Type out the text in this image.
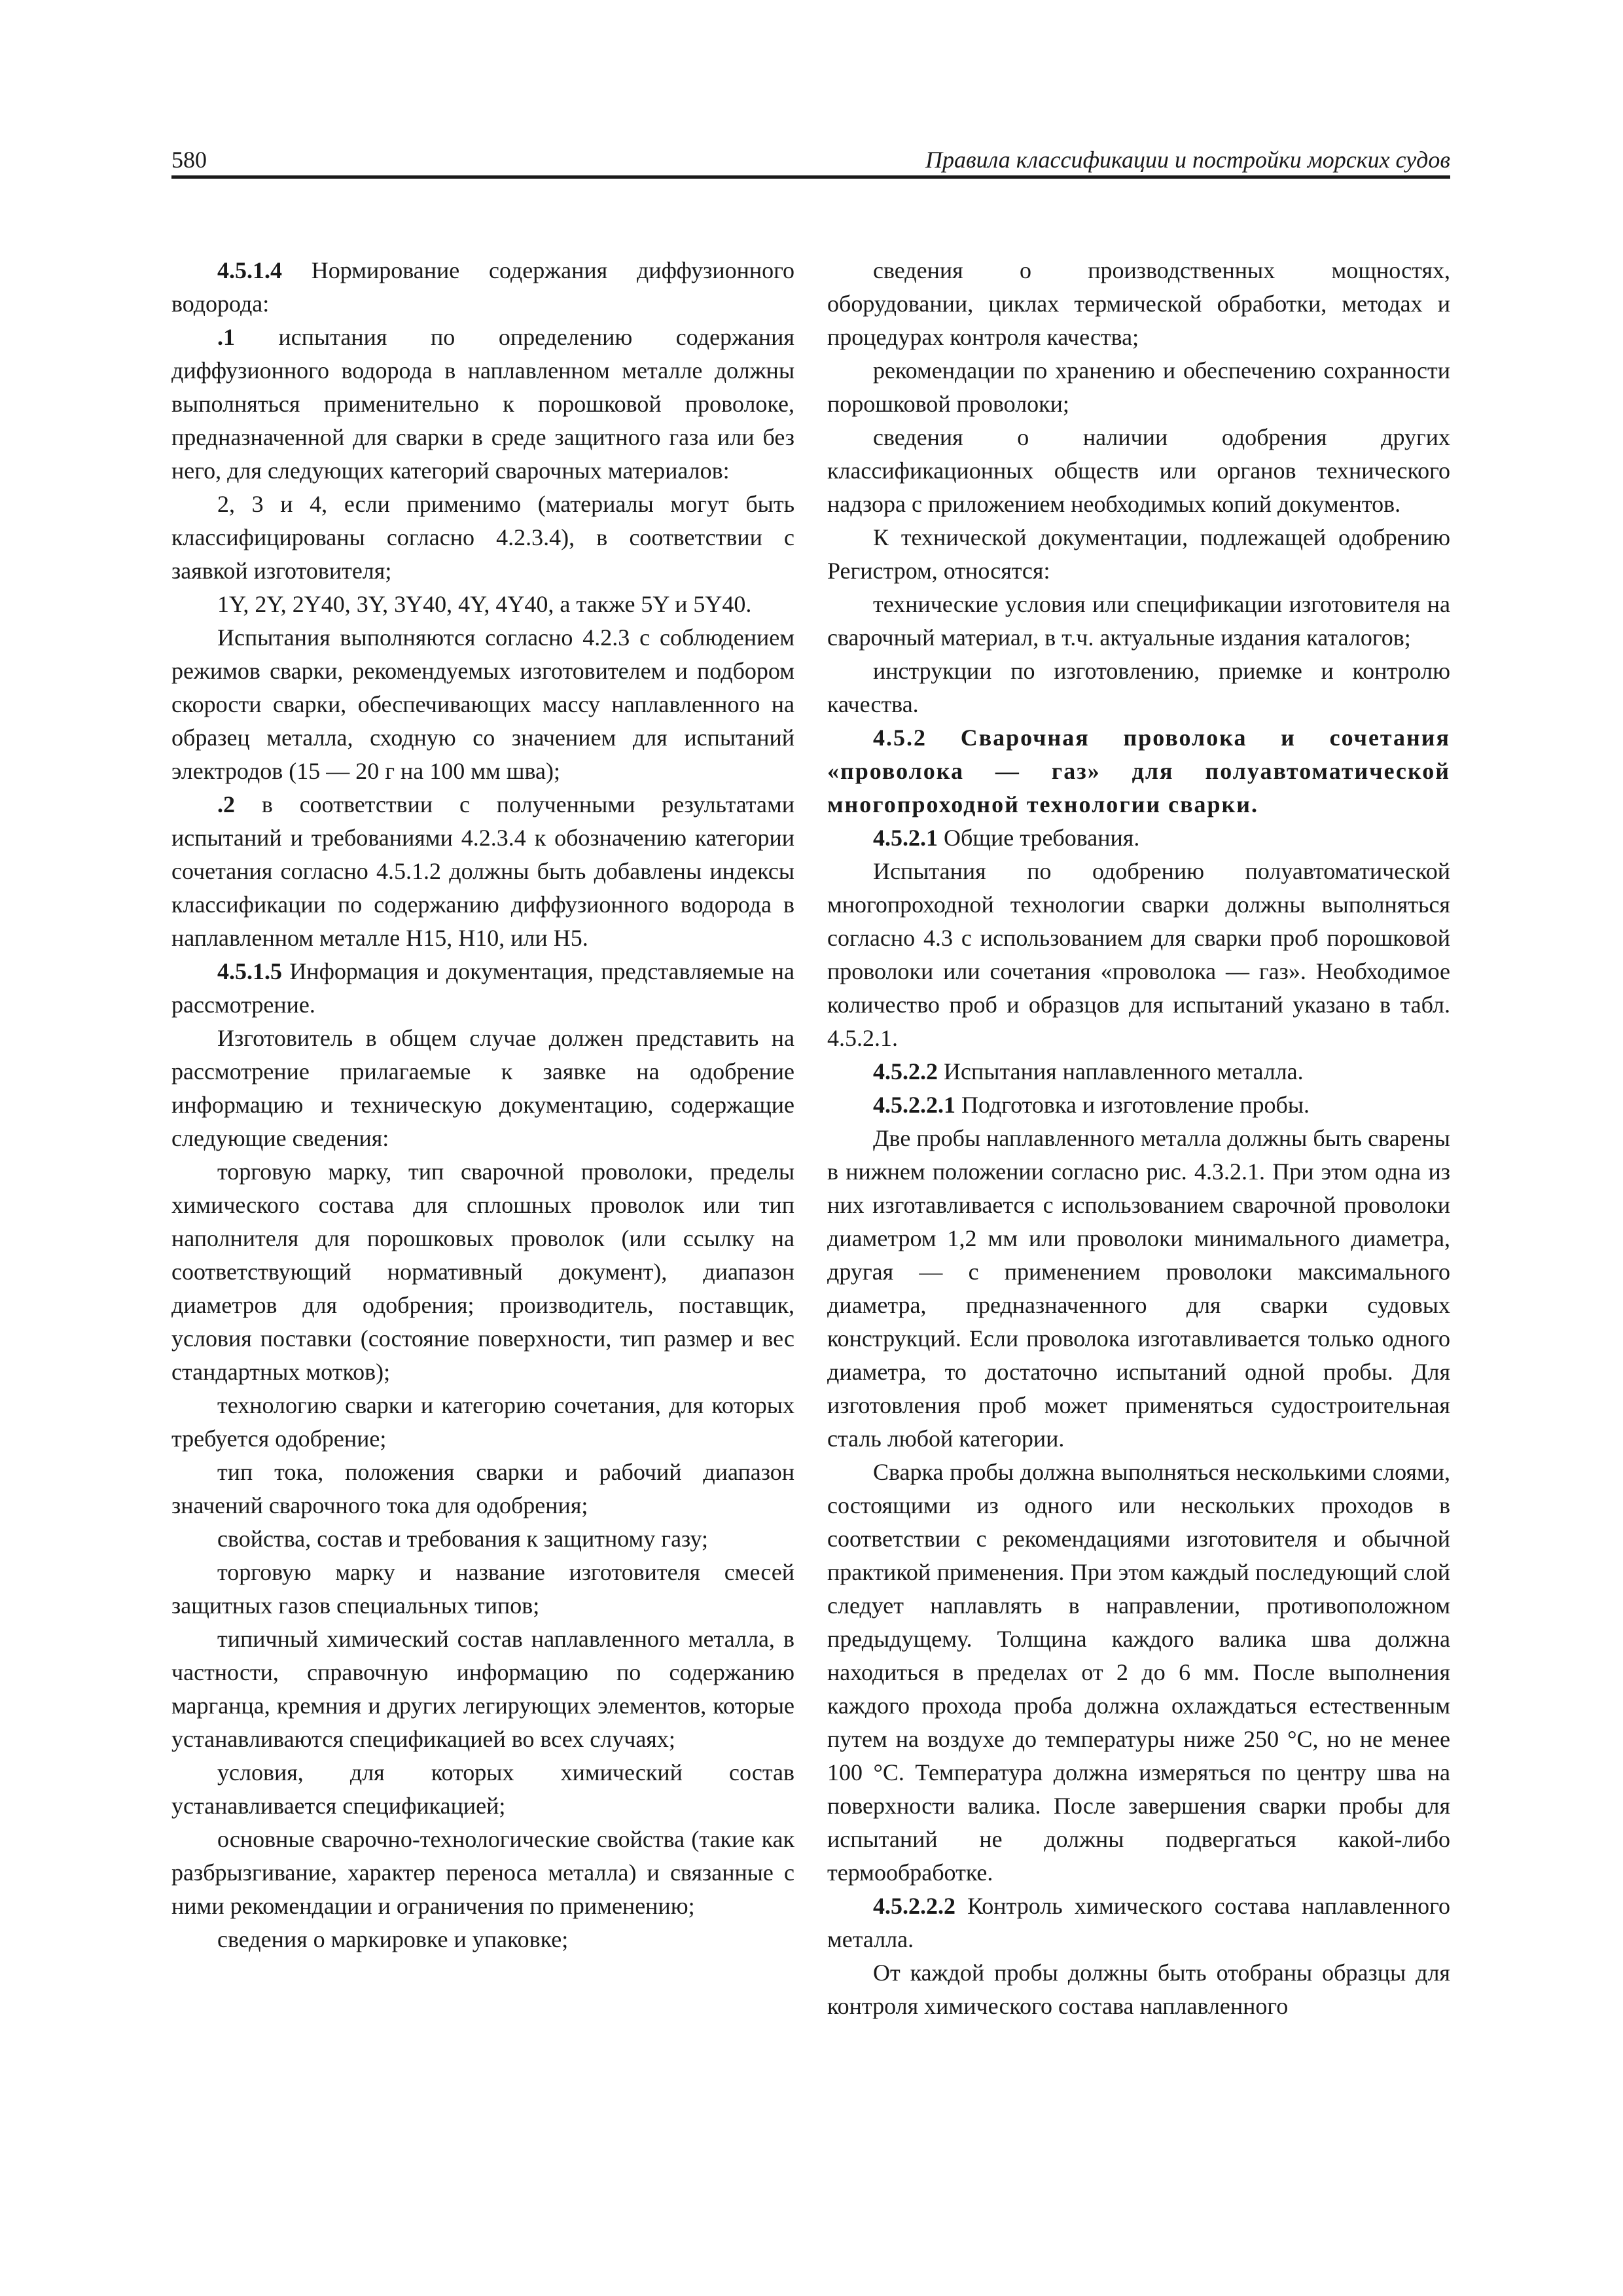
580	Правила классификации и постройки морских судов

4.5.1.4 Нормирование содержания диффузионного водорода:

.1 испытания по определению содержания диффузионного водорода в наплавленном металле должны выполняться применительно к порошковой проволоке, предназначенной для сварки в среде защитного газа или без него, для следующих категорий сварочных материалов:

2, 3 и 4, если применимо (материалы могут быть классифицированы согласно 4.2.3.4), в соответствии с заявкой изготовителя;

1Y, 2Y, 2Y40, 3Y, 3Y40, 4Y, 4Y40, а также 5Y и 5Y40.

Испытания выполняются согласно 4.2.3 с соблюдением режимов сварки, рекомендуемых изготовителем и подбором скорости сварки, обеспечивающих массу наплавленного на образец металла, сходную со значением для испытаний электродов (15 — 20 г на 100 мм шва);

.2 в соответствии с полученными результатами испытаний и требованиями 4.2.3.4 к обозначению категории сочетания согласно 4.5.1.2 должны быть добавлены индексы классификации по содержанию диффузионного водорода в наплавленном металле H15, H10, или H5.

4.5.1.5 Информация и документация, представляемые на рассмотрение.

Изготовитель в общем случае должен представить на рассмотрение прилагаемые к заявке на одобрение информацию и техническую документацию, содержащие следующие сведения:

торговую марку, тип сварочной проволоки, пределы химического состава для сплошных проволок или тип наполнителя для порошковых проволок (или ссылку на соответствующий нормативный документ), диапазон диаметров для одобрения; производитель, поставщик, условия поставки (состояние поверхности, тип размер и вес стандартных мотков);

технологию сварки и категорию сочетания, для которых требуется одобрение;

тип тока, положения сварки и рабочий диапазон значений сварочного тока для одобрения;

свойства, состав и требования к защитному газу;

торговую марку и название изготовителя смесей защитных газов специальных типов;

типичный химический состав наплавленного металла, в частности, справочную информацию по содержанию марганца, кремния и других легирующих элементов, которые устанавливаются спецификацией во всех случаях;

условия, для которых химический состав устанавливается спецификацией;

основные сварочно-технологические свойства (такие как разбрызгивание, характер переноса металла) и связанные с ними рекомендации и ограничения по применению;

сведения о маркировке и упаковке;

сведения о производственных мощностях, оборудовании, циклах термической обработки, методах и процедурах контроля качества;

рекомендации по хранению и обеспечению сохранности порошковой проволоки;

сведения о наличии одобрения других классификационных обществ или органов технического надзора с приложением необходимых копий документов.

К технической документации, подлежащей одобрению Регистром, относятся:

технические условия или спецификации изготовителя на сварочный материал, в т.ч. актуальные издания каталогов;

инструкции по изготовлению, приемке и контролю качества.

4.5.2 Сварочная проволока и сочетания «проволока — газ» для полуавтоматической многопроходной технологии сварки.

4.5.2.1 Общие требования.

Испытания по одобрению полуавтоматической многопроходной технологии сварки должны выполняться согласно 4.3 с использованием для сварки проб порошковой проволоки или сочетания «проволока — газ». Необходимое количество проб и образцов для испытаний указано в табл. 4.5.2.1.

4.5.2.2 Испытания наплавленного металла.

4.5.2.2.1 Подготовка и изготовление пробы.

Две пробы наплавленного металла должны быть сварены в нижнем положении согласно рис. 4.3.2.1. При этом одна из них изготавливается с использованием сварочной проволоки диаметром 1,2 мм или проволоки минимального диаметра, другая — с применением проволоки максимального диаметра, предназначенного для сварки судовых конструкций. Если проволока изготавливается только одного диаметра, то достаточно испытаний одной пробы. Для изготовления проб может применяться судостроительная сталь любой категории.

Сварка пробы должна выполняться несколькими слоями, состоящими из одного или нескольких проходов в соответствии с рекомендациями изготовителя и обычной практикой применения. При этом каждый последующий слой следует наплавлять в направлении, противоположном предыдущему. Толщина каждого валика шва должна находиться в пределах от 2 до 6 мм. После выполнения каждого прохода проба должна охлаждаться естественным путем на воздухе до температуры ниже 250 °С, но не менее 100 °С. Температура должна измеряться по центру шва на поверхности валика. После завершения сварки пробы для испытаний не должны подвергаться какой-либо термообработке.

4.5.2.2.2 Контроль химического состава наплавленного металла.

От каждой пробы должны быть отобраны образцы для контроля химического состава наплавленного
